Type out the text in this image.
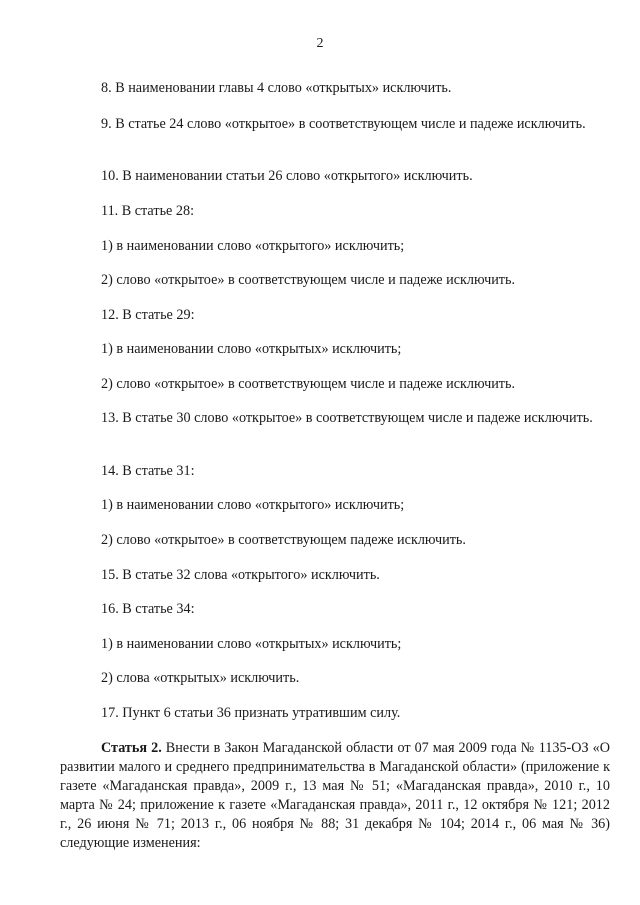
2
8. В наименовании главы 4 слово «открытых» исключить.
9. В статье 24 слово «открытое» в соответствующем числе и падеже исключить.
10. В наименовании статьи 26 слово «открытого» исключить.
11. В статье 28:
1) в наименовании слово «открытого» исключить;
2) слово «открытое» в соответствующем числе и падеже исключить.
12. В статье 29:
1) в наименовании слово «открытых» исключить;
2) слово «открытое» в соответствующем числе и падеже исключить.
13. В статье 30 слово «открытое» в соответствующем числе и падеже исключить.
14. В статье 31:
1) в наименовании слово «открытого» исключить;
2) слово «открытое» в соответствующем падеже исключить.
15. В статье 32 слова «открытого» исключить.
16. В статье 34:
1) в наименовании слово «открытых» исключить;
2) слова «открытых» исключить.
17. Пункт 6 статьи 36 признать утратившим силу.
Статья 2. Внести в Закон Магаданской области от 07 мая 2009 года № 1135-ОЗ «О развитии малого и среднего предпринимательства в Магаданской области» (приложение к газете «Магаданская правда», 2009 г., 13 мая № 51; «Магаданская правда», 2010 г., 10 марта № 24; приложение к газете «Магаданская правда», 2011 г., 12 октября № 121; 2012 г., 26 июня № 71; 2013 г., 06 ноября № 88; 31 декабря № 104; 2014 г., 06 мая № 36) следующие изменения:
